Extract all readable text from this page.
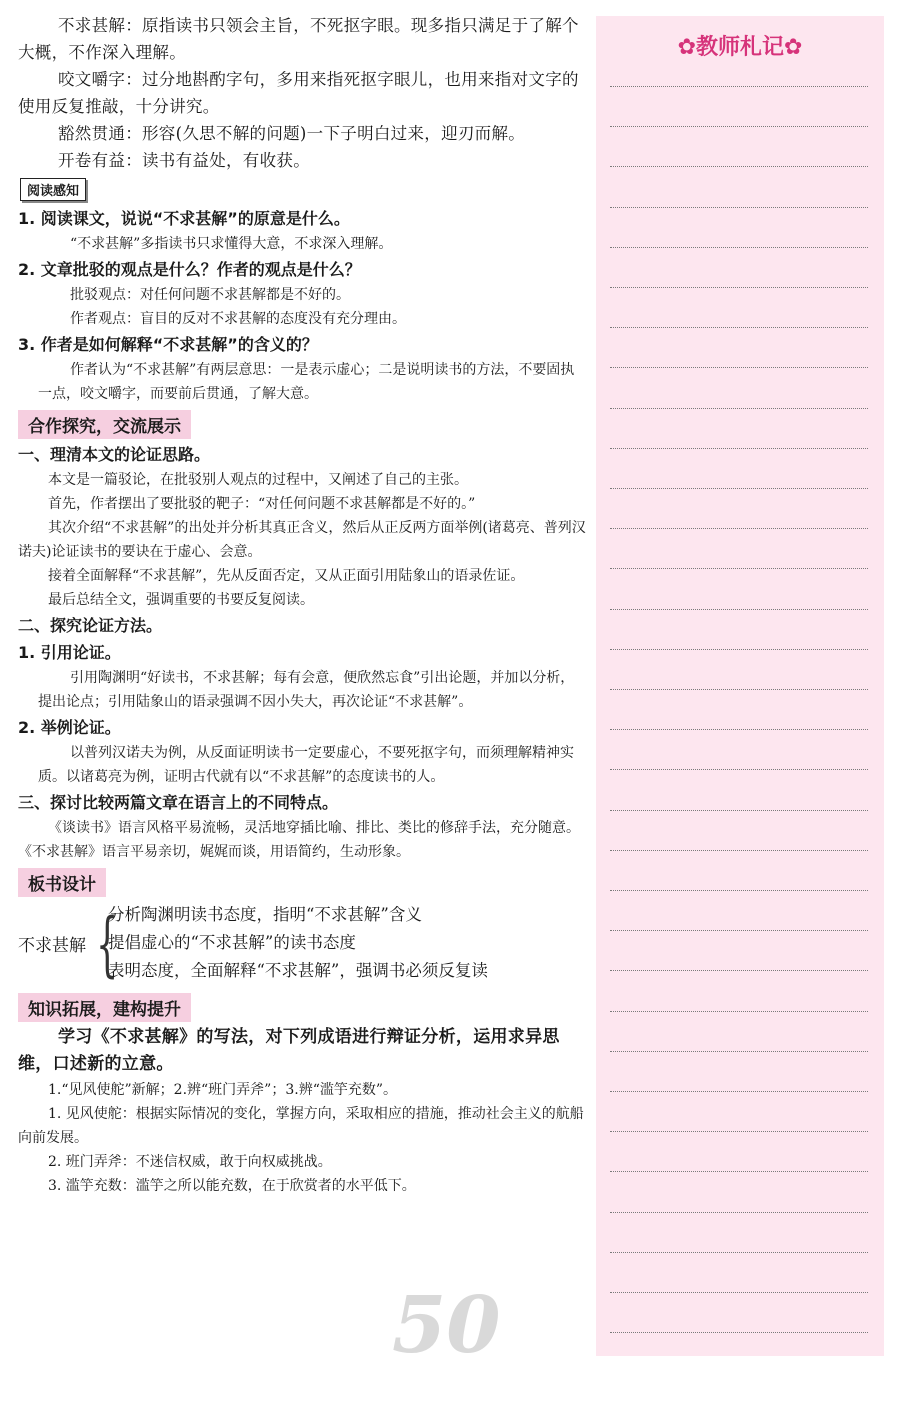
不求甚解：原指读书只领会主旨，不死抠字眼。现多指只满足于了解个大概，不作深入理解。

咬文嚼字：过分地斟酌字句，多用来指死抠字眼儿，也用来指对文字的使用反复推敲，十分讲究。

豁然贯通：形容(久思不解的问题)一下子明白过来，迎刃而解。

开卷有益：读书有益处，有收获。

阅读感知

1. 阅读课文，说说“不求甚解”的原意是什么。

“不求甚解”多指读书只求懂得大意，不求深入理解。

2. 文章批驳的观点是什么？作者的观点是什么？

批驳观点：对任何问题不求甚解都是不好的。

作者观点：盲目的反对不求甚解的态度没有充分理由。

3. 作者是如何解释“不求甚解”的含义的？

作者认为“不求甚解”有两层意思：一是表示虚心；二是说明读书的方法，不要固执一点，咬文嚼字，而要前后贯通，了解大意。

合作探究，交流展示

一、理清本文的论证思路。

本文是一篇驳论，在批驳别人观点的过程中，又阐述了自己的主张。

首先，作者摆出了要批驳的靶子：“对任何问题不求甚解都是不好的。”

其次介绍“不求甚解”的出处并分析其真正含义，然后从正反两方面举例(诸葛亮、普列汉诺夫)论证读书的要诀在于虚心、会意。

接着全面解释“不求甚解”，先从反面否定，又从正面引用陆象山的语录佐证。

最后总结全文，强调重要的书要反复阅读。

二、探究论证方法。

1. 引用论证。

引用陶渊明“好读书，不求甚解；每有会意，便欣然忘食”引出论题，并加以分析，提出论点；引用陆象山的语录强调不因小失大，再次论证“不求甚解”。

2. 举例论证。

以普列汉诺夫为例，从反面证明读书一定要虚心，不要死抠字句，而须理解精神实质。以诸葛亮为例，证明古代就有以“不求甚解”的态度读书的人。

三、探讨比较两篇文章在语言上的不同特点。

《谈读书》语言风格平易流畅，灵活地穿插比喻、排比、类比的修辞手法，充分随意。《不求甚解》语言平易亲切，娓娓而谈，用语简约，生动形象。

板书设计
不求甚解 {
分析陶渊明读书态度，指明“不求甚解”含义
提倡虚心的“不求甚解”的读书态度
表明态度，全面解释“不求甚解”，强调书必须反复读
知识拓展，建构提升

学习《不求甚解》的写法，对下列成语进行辩证分析，运用求异思维，口述新的立意。

1.“见风使舵”新解；2.辨“班门弄斧”；3.辨“滥竽充数”。

1. 见风使舵：根据实际情况的变化，掌握方向，采取相应的措施，推动社会主义的航船向前发展。

2. 班门弄斧：不迷信权威，敢于向权威挑战。

3. 滥竽充数：滥竽之所以能充数，在于欣赏者的水平低下。

50
✿教师札记✿
